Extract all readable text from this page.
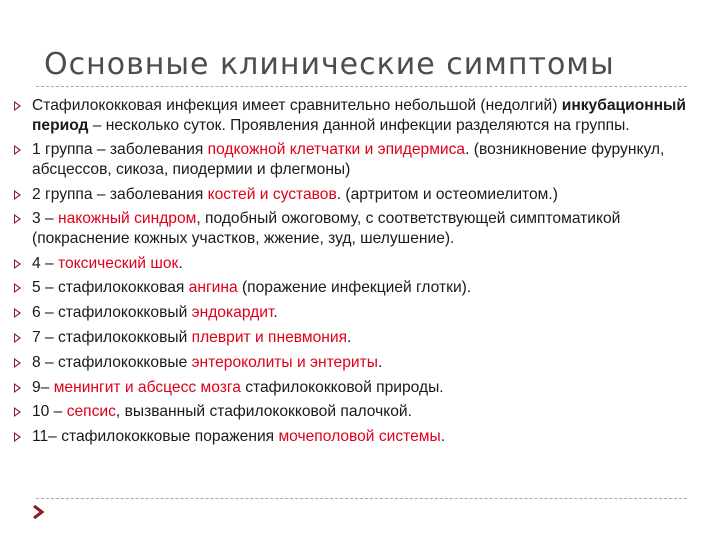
Основные клинические симптомы
Стафилококковая инфекция имеет сравнительно небольшой (недолгий) инкубационный период – несколько суток. Проявления данной инфекции разделяются на группы.
1 группа – заболевания подкожной клетчатки и эпидермиса. (возникновение фурункул, абсцессов, сикоза, пиодермии и флегмоны)
2 группа – заболевания костей и суставов. (артритом и остеомиелитом.)
3 – накожный синдром, подобный ожоговому, с соответствующей симптоматикой (покраснение кожных участков, жжение, зуд, шелушение).
4 – токсический шок.
5 – стафилококковая ангина (поражение инфекцией глотки).
6 – стафилококковый эндокардит.
7 – стафилококковый плеврит и пневмония.
8 – стафилококковые энтероколиты и энтериты.
9– менингит и абсцесс мозга стафилококковой природы.
10 – сепсис, вызванный стафилококковой палочкой.
11– стафилококковые поражения мочеполовой системы.
